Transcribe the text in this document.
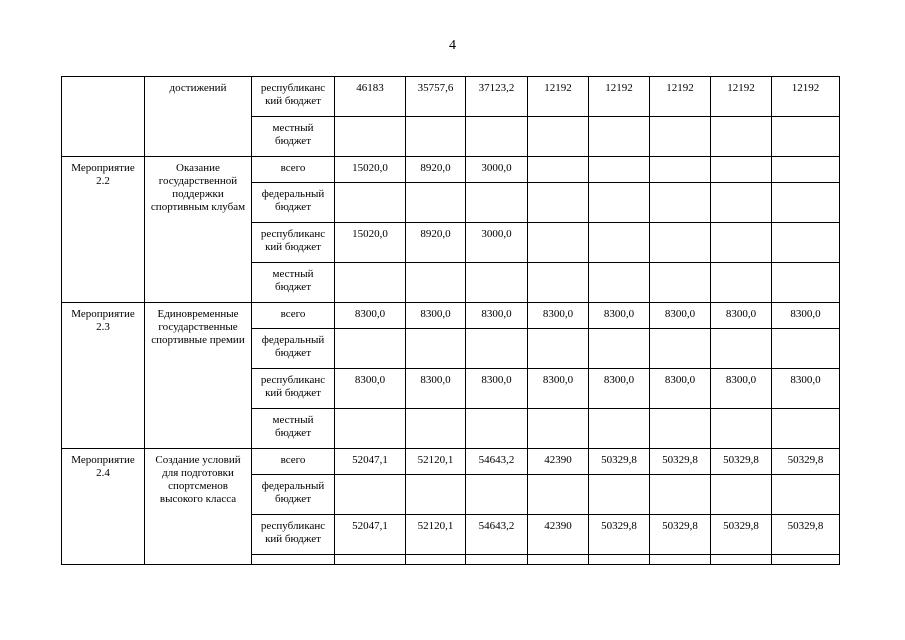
4
	достижений	республиканс кий бюджет	46183	35757,6	37123,2	12192	12192	12192	12192	12192
		местный бюджет								
Мероприятие 2.2	Оказание государственной поддержки спортивным клубам	всего	15020,0	8920,0	3000,0					
		федеральный бюджет								
		республиканс кий бюджет	15020,0	8920,0	3000,0					
		местный бюджет								
Мероприятие 2.3	Единовременные государственные спортивные премии	всего	8300,0	8300,0	8300,0	8300,0	8300,0	8300,0	8300,0	8300,0
		федеральный бюджет								
		республиканс кий бюджет	8300,0	8300,0	8300,0	8300,0	8300,0	8300,0	8300,0	8300,0
		местный бюджет								
Мероприятие 2.4	Создание условий для подготовки спортсменов высокого класса	всего	52047,1	52120,1	54643,2	42390	50329,8	50329,8	50329,8	50329,8
		федеральный бюджет								
		республиканс кий бюджет	52047,1	52120,1	54643,2	42390	50329,8	50329,8	50329,8	50329,8
